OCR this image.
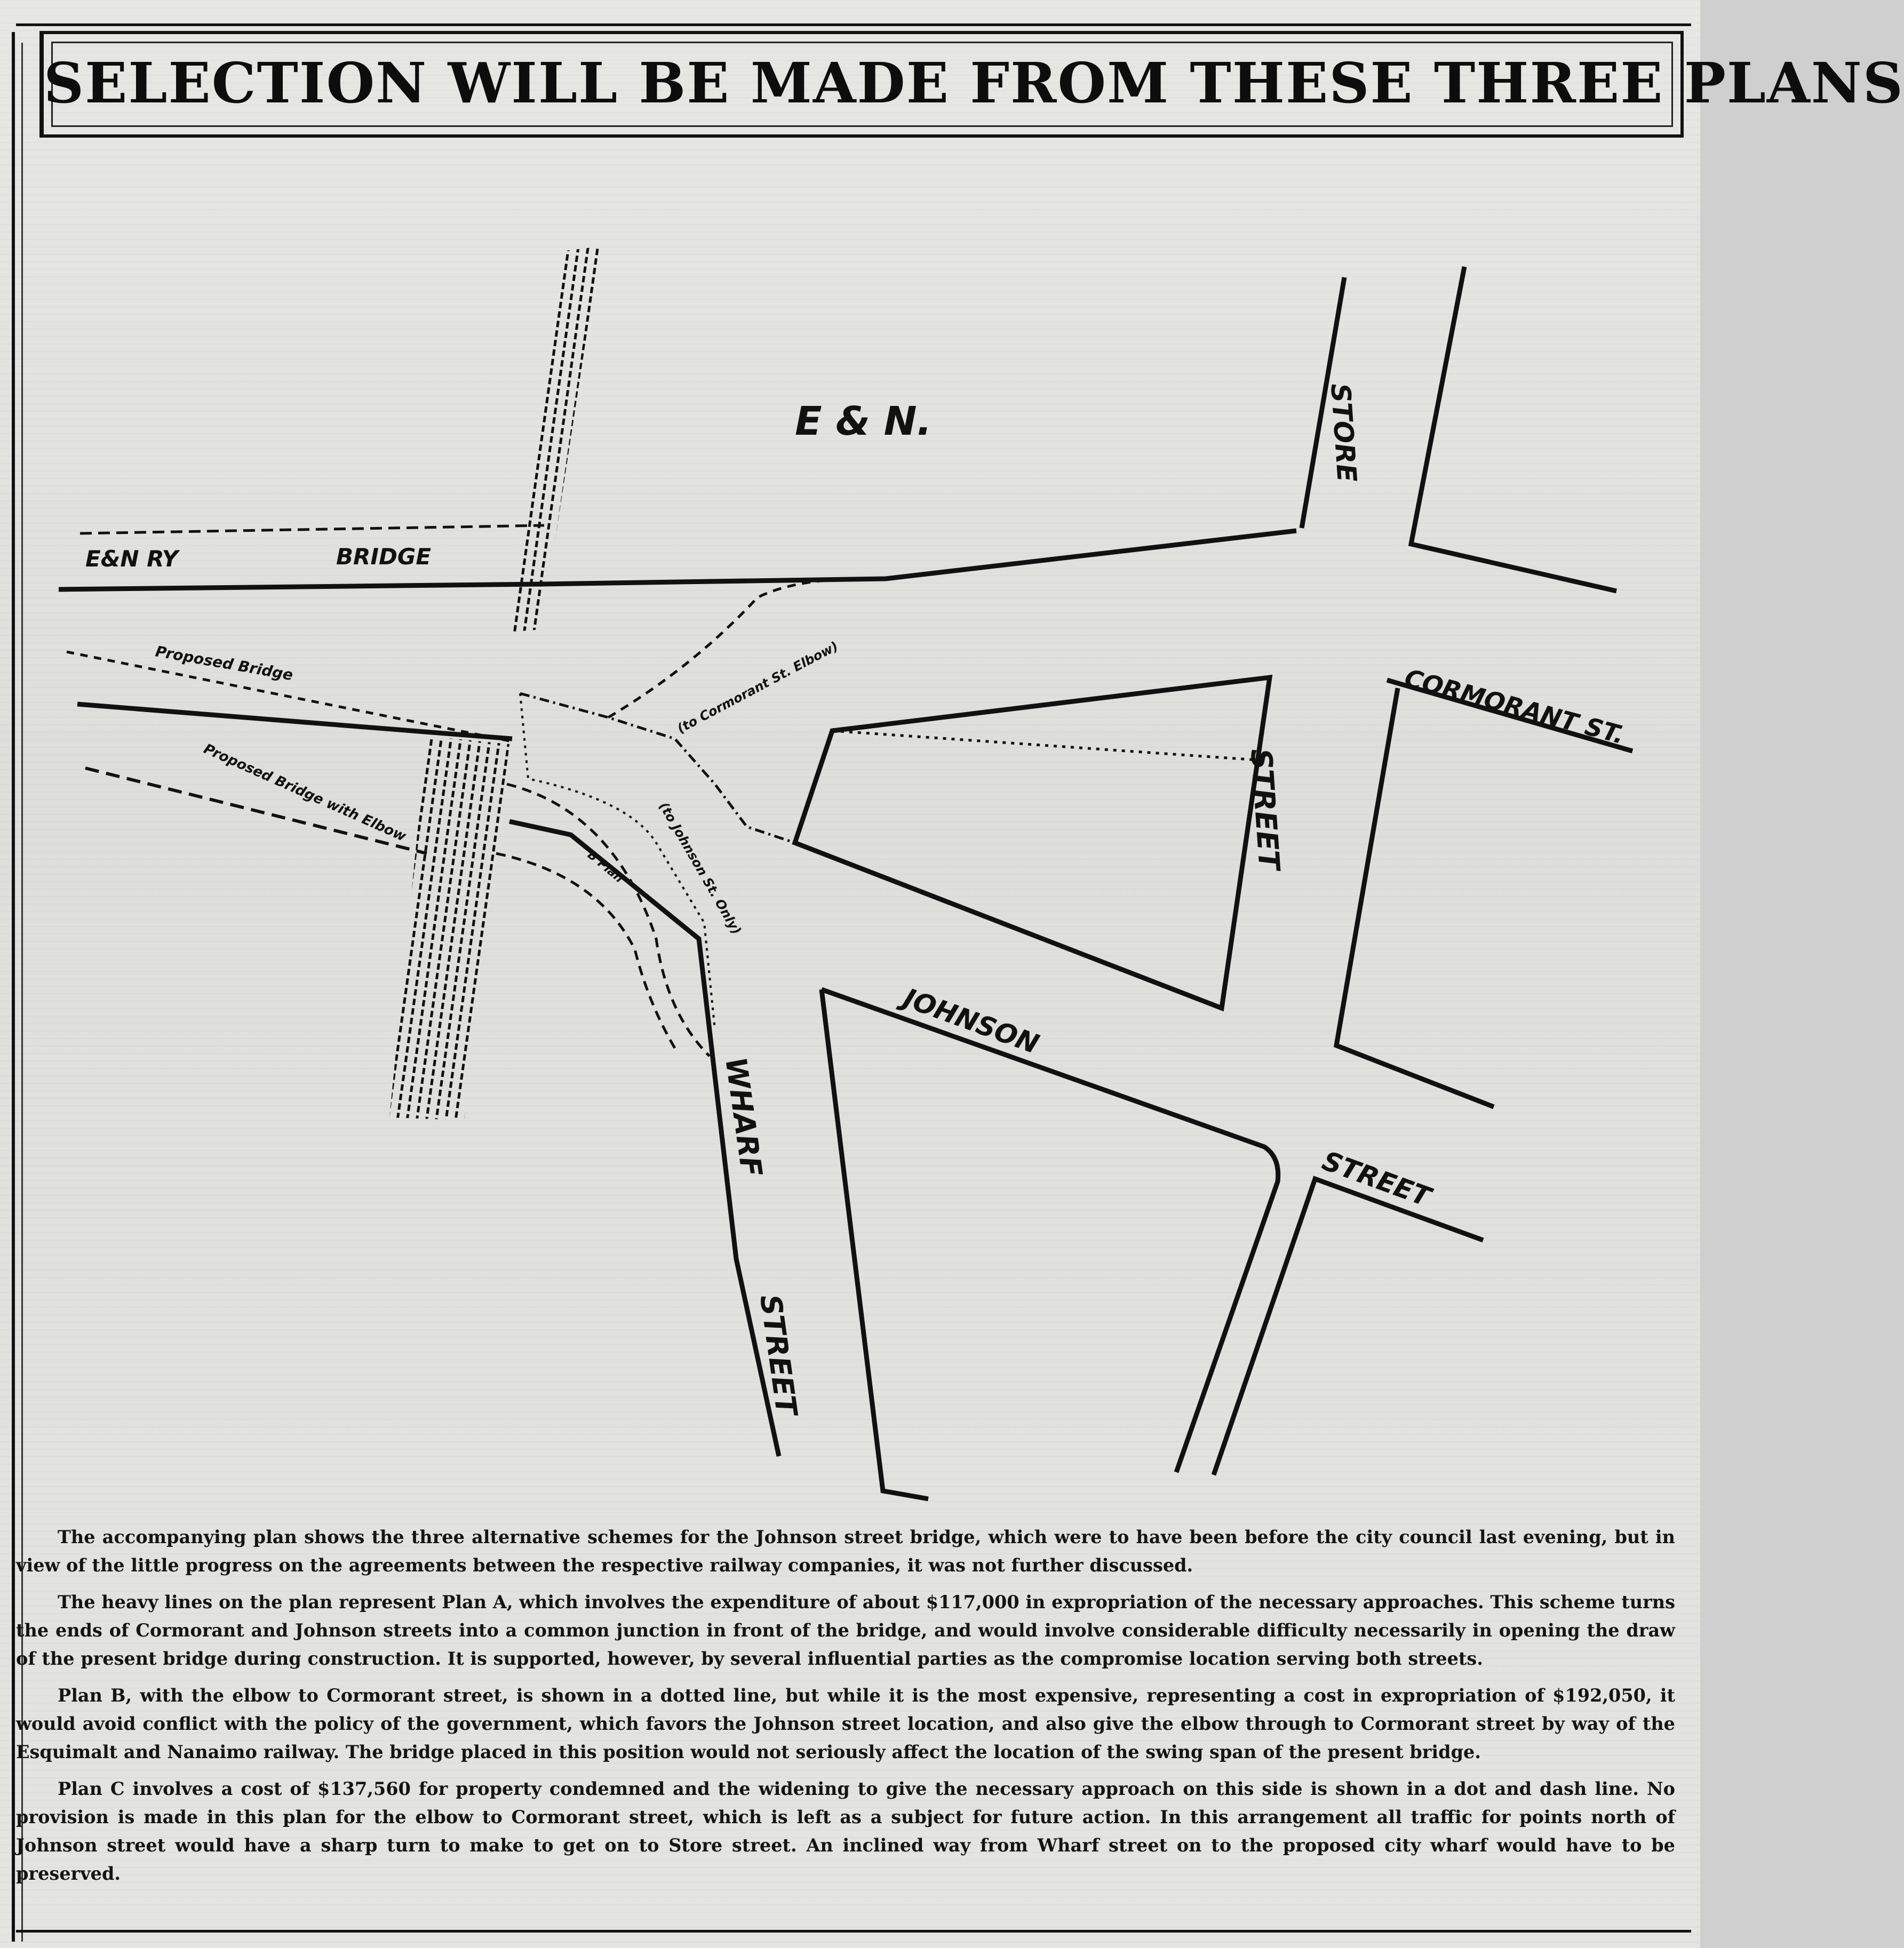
SELECTION WILL BE MADE FROM THESE THREE PLANS
E & N.
E&N RY	BRIDGE
Proposed Bridge
Proposed Bridge with Elbow
(to Cormorant St. Elbow)
(to Johnson St. Only)
B Plan
STORE
STREET
CORMORANT ST.
JOHNSON
STREET
WHARF
STREET

The accompanying plan shows the three alternative schemes for the Johnson street bridge, which were to have been before the city council last evening, but in view of the little progress on the agreements between the respective railway companies, it was not further discussed.

The heavy lines on the plan represent Plan A, which involves the expenditure of about $117,000 in expropriation of the necessary approaches. This scheme turns the ends of Cormorant and Johnson streets into a common junction in front of the bridge, and would involve considerable difficulty necessarily in opening the draw of the present bridge during construction. It is supported, however, by several influential parties as the compromise location serving both streets.

Plan B, with the elbow to Cormorant street, is shown in a dotted line, but while it is the most expensive, representing a cost in expropriation of $192,050, it would avoid conflict with the policy of the government, which favors the Johnson street location, and also give the elbow through to Cormorant street by way of the Esquimalt and Nanaimo railway. The bridge placed in this position would not seriously affect the location of the swing span of the present bridge.

Plan C involves a cost of $137,560 for property condemned and the widening to give the necessary approach on this side is shown in a dot and dash line. No provision is made in this plan for the elbow to Cormorant street, which is left as a subject for future action. In this arrangement all traffic for points north of Johnson street would have a sharp turn to make to get on to Store street. An inclined way from Wharf street on to the proposed city wharf would have to be preserved.
